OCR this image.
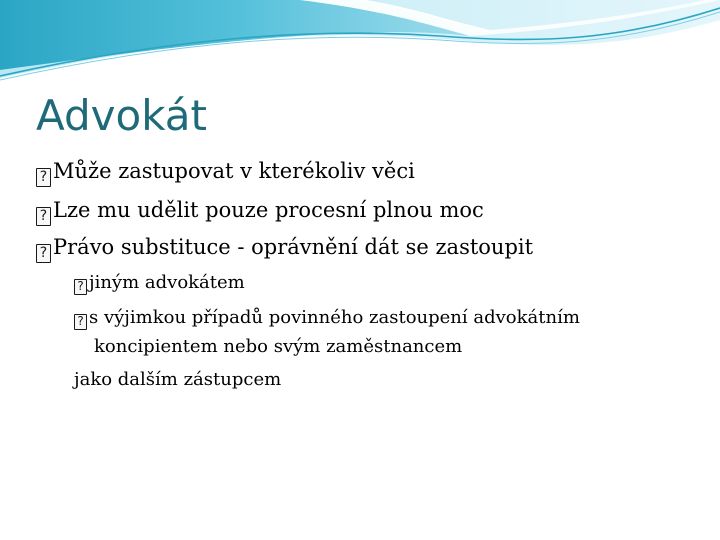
Advokát
? Může zastupovat v kterékoliv věci
? Lze mu udělit pouze procesní plnou moc
? Právo substituce - oprávnění dát se zastoupit
? jiným advokátem
? s výjimkou případů povinného zastoupení advokátním
koncipientem nebo svým zaměstnancem
jako dalším zástupcem
